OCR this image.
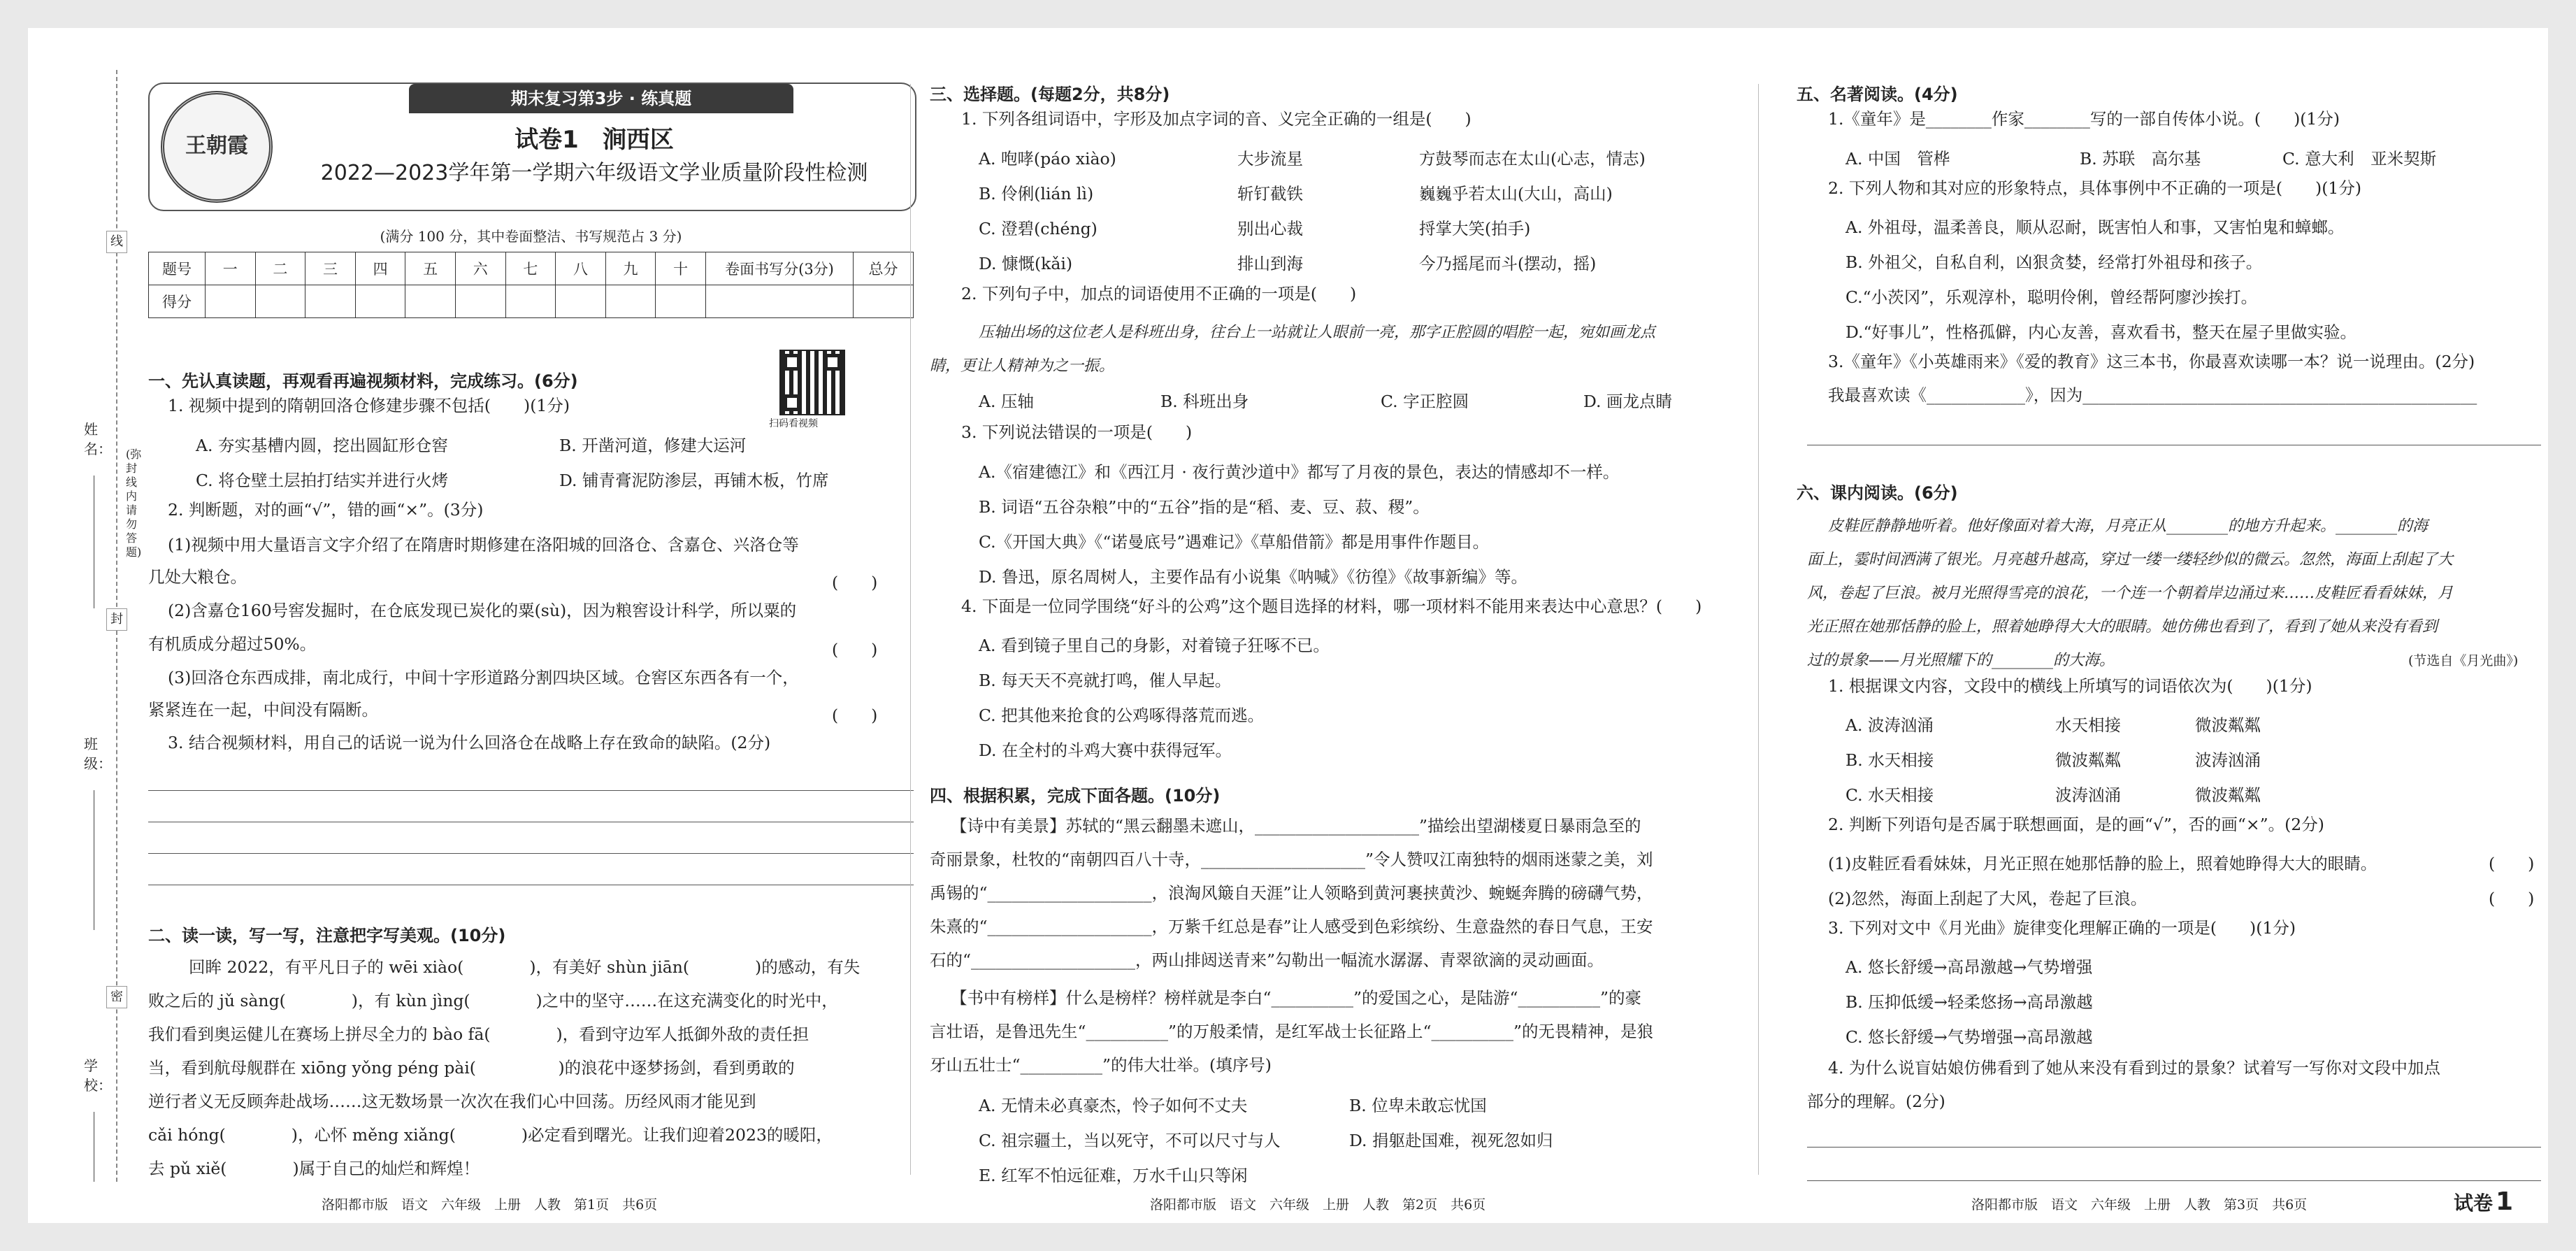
线
封
密
姓名： (弥封线内请勿答题)
班级：
学校：
期末复习第3步 · 练真题
王朝霞	试卷1　涧西区
2022—2023学年第一学期六年级语文学业质量阶段性检测
(满分 100 分，其中卷面整洁、书写规范占 3 分)
题号	一	二	三	四	五	六	七	八	九	十	卷面书写分(3分)	总分
得分												
一、先认真读题，再观看再遍视频材料，完成练习。(6分)
扫码看视频
1. 视频中提到的隋朝回洛仓修建步骤不包括(　　)(1分)
A. 夯实基槽内圆，挖出圆缸形仓窖	B. 开凿河道，修建大运河
C. 将仓壁土层拍打结实并进行火烤	D. 铺青膏泥防渗层，再铺木板，竹席
2. 判断题，对的画“√”，错的画“×”。(3分)
(1)视频中用大量语言文字介绍了在隋唐时期修建在洛阳城的回洛仓、含嘉仓、兴洛仓等
几处大粮仓。	(　　)
(2)含嘉仓160号窖发掘时，在仓底发现已炭化的粟(sù)，因为粮窖设计科学，所以粟的
有机质成分超过50%。	(　　)
(3)回洛仓东西成排，南北成行，中间十字形道路分割四块区域。仓窖区东西各有一个，
紧紧连在一起，中间没有隔断。	(　　)
3. 结合视频材料，用自己的话说一说为什么回洛仓在战略上存在致命的缺陷。(2分)
二、读一读，写一写，注意把字写美观。(10分)
回眸 2022，有平凡日子的 wēi xiào(　　　　)，有美好 shùn jiān(　　　　)的感动，有失
败之后的 jǔ sàng(　　　　)，有 kùn jìng(　　　　)之中的坚守……在这充满变化的时光中，
我们看到奥运健儿在赛场上拼尽全力的 bào fā(　　　　)，看到守边军人抵御外敌的责任担
当，看到航母舰群在 xiōng yǒng péng pài(　　　　　)的浪花中逐梦扬剑，看到勇敢的
逆行者义无反顾奔赴战场……这无数场景一次次在我们心中回荡。历经风雨才能见到
cǎi hóng(　　　　)，心怀 měng xiǎng(　　　　)必定看到曙光。让我们迎着2023的暖阳，
去 pǔ xiě(　　　　)属于自己的灿烂和辉煌！
洛阳都市版　语文　六年级　上册　人教　第1页　共6页
三、选择题。(每题2分，共8分)
1. 下列各组词语中，字形及加点字词的音、义完全正确的一组是(　　)
A. 咆哮(páo xiào)	大步流星	方鼓琴而志在太山(心志，情志)
B. 伶俐(lián lì)	斩钉截铁	巍巍乎若太山(大山，高山)
C. 澄碧(chéng)	别出心裁	捋掌大笑(拍手)
D. 慷慨(kǎi)	排山到海	今乃摇尾而斗(摆动，摇)
2. 下列句子中，加点的词语使用不正确的一项是(　　)
压轴出场的这位老人是科班出身，往台上一站就让人眼前一亮，那字正腔圆的唱腔一起，宛如画龙点
睛，更让人精神为之一振。
A. 压轴	B. 科班出身	C. 字正腔圆	D. 画龙点睛
3. 下列说法错误的一项是(　　)
A.《宿建德江》和《西江月 · 夜行黄沙道中》都写了月夜的景色，表达的情感却不一样。
B. 词语“五谷杂粮”中的“五谷”指的是“稻、麦、豆、菽、稷”。
C.《开国大典》《“诺曼底号”遇难记》《草船借箭》都是用事件作题目。
D. 鲁迅，原名周树人，主要作品有小说集《呐喊》《彷徨》《故事新编》等。
4. 下面是一位同学围绕“好斗的公鸡”这个题目选择的材料，哪一项材料不能用来表达中心意思？(　　)
A. 看到镜子里自己的身影，对着镜子狂啄不已。
B. 每天天不亮就打鸣，催人早起。
C. 把其他来抢食的公鸡啄得落荒而逃。
D. 在全村的斗鸡大赛中获得冠军。
四、根据积累，完成下面各题。(10分)
【诗中有美景】苏轼的“黑云翻墨未遮山，____________________”描绘出望湖楼夏日暴雨急至的
奇丽景象，杜牧的“南朝四百八十寺，____________________”令人赞叹江南独特的烟雨迷蒙之美，刘
禹锡的“____________________，浪淘风簸自天涯”让人领略到黄河裹挟黄沙、蜿蜒奔腾的磅礴气势，
朱熹的“____________________，万紫千红总是春”让人感受到色彩缤纷、生意盎然的春日气息，王安
石的“____________________，两山排闼送青来”勾勒出一幅流水潺潺、青翠欲滴的灵动画面。
【书中有榜样】什么是榜样？榜样就是李白“__________”的爱国之心，是陆游“__________”的豪
言壮语，是鲁迅先生“__________”的万般柔情，是红军战士长征路上“__________”的无畏精神，是狼
牙山五壮士“__________”的伟大壮举。(填序号)
A. 无情未必真豪杰，怜子如何不丈夫	B. 位卑未敢忘忧国
C. 祖宗疆土，当以死守，不可以尺寸与人	D. 捐躯赴国难，视死忽如归
E. 红军不怕远征难，万水千山只等闲
洛阳都市版　语文　六年级　上册　人教　第2页　共6页
五、名著阅读。(4分)
1.《童年》是________作家________写的一部自传体小说。(　　)(1分)
A. 中国　管桦	B. 苏联　高尔基	C. 意大利　亚米契斯
2. 下列人物和其对应的形象特点，具体事例中不正确的一项是(　　)(1分)
A. 外祖母，温柔善良，顺从忍耐，既害怕人和事，又害怕鬼和蟑螂。
B. 外祖父，自私自利，凶狠贪婪，经常打外祖母和孩子。
C.“小茨冈”，乐观淳朴，聪明伶俐，曾经帮阿廖沙挨打。
D.“好事儿”，性格孤僻，内心友善，喜欢看书，整天在屋子里做实验。
3.《童年》《小英雄雨来》《爱的教育》这三本书，你最喜欢读哪一本？说一说理由。(2分)
我最喜欢读《____________》，因为________________________________________________
六、课内阅读。(6分)
皮鞋匠静静地听着。他好像面对着大海，月亮正从________的地方升起来。________的海
面上，霎时间洒满了银光。月亮越升越高，穿过一缕一缕轻纱似的微云。忽然，海面上刮起了大
风，卷起了巨浪。被月光照得雪亮的浪花，一个连一个朝着岸边涌过来……皮鞋匠看看妹妹，月
光正照在她那恬静的脸上，照着她睁得大大的眼睛。她仿佛也看到了，看到了她从来没有看到
过的景象——月光照耀下的________的大海。	(节选自《月光曲》)
1. 根据课文内容，文段中的横线上所填写的词语依次为(　　)(1分)
A. 波涛汹涌	水天相接	微波粼粼
B. 水天相接	微波粼粼	波涛汹涌
C. 水天相接	波涛汹涌	微波粼粼
2. 判断下列语句是否属于联想画面，是的画“√”，否的画“×”。(2分)
(1)皮鞋匠看看妹妹，月光正照在她那恬静的脸上，照着她睁得大大的眼睛。	(　　)
(2)忽然，海面上刮起了大风，卷起了巨浪。	(　　)
3. 下列对文中《月光曲》旋律变化理解正确的一项是(　　)(1分)
A. 悠长舒缓→高昂激越→气势增强
B. 压抑低缓→轻柔悠扬→高昂激越
C. 悠长舒缓→气势增强→高昂激越
4. 为什么说盲姑娘仿佛看到了她从来没有看到过的景象？试着写一写你对文段中加点
部分的理解。(2分)
洛阳都市版　语文　六年级　上册　人教　第3页　共6页	试卷 1
